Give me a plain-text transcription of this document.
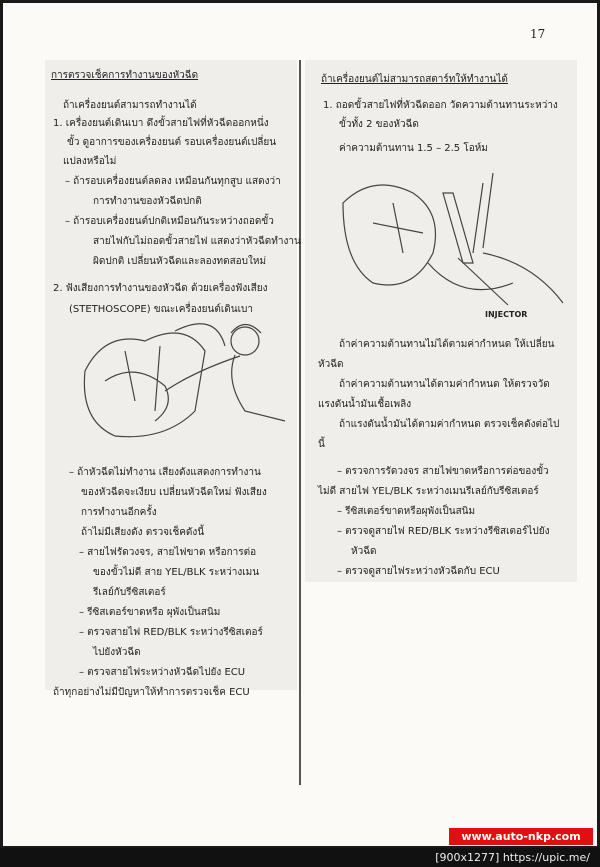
17
การตรวจเช็คการทำงานของหัวฉีด
ถ้าเครื่องยนต์สามารถทำงานได้
1. เครื่องยนต์เดินเบา ดึงขั้วสายไฟที่หัวฉีดออกหนึ่ง
ขั้ว ดูอาการของเครื่องยนต์ รอบเครื่องยนต์เปลี่ยน
แปลงหรือไม่
– ถ้ารอบเครื่องยนต์ลดลง เหมือนกันทุกสูบ แสดงว่า
การทำงานของหัวฉีดปกติ
– ถ้ารอบเครื่องยนต์ปกติเหมือนกันระหว่างถอดขั้ว
สายไฟกับไม่ถอดขั้วสายไฟ แสดงว่าหัวฉีดทำงาน
ผิดปกติ เปลี่ยนหัวฉีดและลองทดสอบใหม่
2. ฟังเสียงการทำงานของหัวฉีด ด้วยเครื่องฟังเสียง
(STETHOSCOPE) ขณะเครื่องยนต์เดินเบา
– ถ้าหัวฉีดไม่ทำงาน เสียงดังแสดงการทำงาน
ของหัวฉีดจะเงียบ เปลี่ยนหัวฉีดใหม่ ฟังเสียง
การทำงานอีกครั้ง
ถ้าไม่มีเสียงดัง ตรวจเช็คดังนี้
– สายไฟรัดวงจร, สายไฟขาด หรือการต่อ
ของขั้วไม่ดี สาย YEL/BLK ระหว่างเมน
รีเลย์กับรีซิสเตอร์
– รีซิสเตอร์ขาดหรือ ผุพังเป็นสนิม
– ตรวจสายไฟ RED/BLK ระหว่างรีซิสเตอร์
ไปยังหัวฉีด
– ตรวจสายไฟระหว่างหัวฉีดไปยัง ECU
ถ้าทุกอย่างไม่มีปัญหาให้ทำการตรวจเช็ค ECU
ถ้าเครื่องยนต์ไม่สามารถสตาร์ทให้ทำงานได้
1. ถอดขั้วสายไฟที่หัวฉีดออก วัดความต้านทานระหว่าง
ขั้วทั้ง 2 ของหัวฉีด
ค่าความต้านทาน 1.5 – 2.5 โอห์ม
INJECTOR
ถ้าค่าความต้านทานไม่ได้ตามค่ากำหนด ให้เปลี่ยน
หัวฉีด
ถ้าค่าความต้านทานได้ตามค่ากำหนด ให้ตรวจวัด
แรงดันน้ำมันเชื้อเพลิง
ถ้าแรงดันน้ำมันได้ตามค่ากำหนด ตรวจเช็คดังต่อไป
นี้
– ตรวจการรัดวงจร สายไฟขาดหรือการต่อของขั้ว
ไม่ดี สายไฟ YEL/BLK ระหว่างเมนรีเลย์กับรีซิสเตอร์
– รีซิสเตอร์ขาดหรือผุพังเป็นสนิม
– ตรวจดูสายไฟ RED/BLK ระหว่างรีซิสเตอร์ไปยัง
หัวฉีด
– ตรวจดูสายไฟระหว่างหัวฉีดกับ ECU
www.auto-nkp.com
[900x1277] https://upic.me/
